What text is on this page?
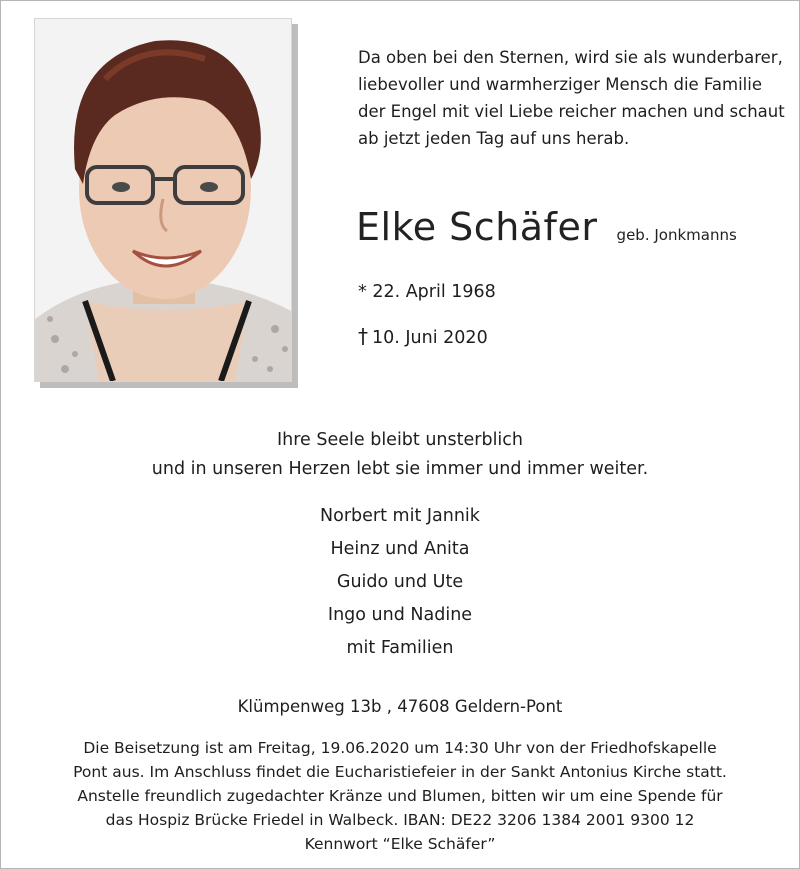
Da oben bei den Sternen, wird sie als wunderbarer,
liebevoller und warmherziger Mensch die Familie
der Engel mit viel Liebe reicher machen und schaut
ab jetzt jeden Tag auf uns herab.
Elke Schäfer geb. Jonkmanns
* 22. April 1968
† 10. Juni 2020
Ihre Seele bleibt unsterblich
und in unseren Herzen lebt sie immer und immer weiter.
Norbert mit Jannik
Heinz und Anita
Guido und Ute
Ingo und Nadine
mit Familien
Klümpenweg 13b , 47608 Geldern-Pont
Die Beisetzung ist am Freitag, 19.06.2020 um 14:30 Uhr von der Friedhofskapelle
Pont aus. Im Anschluss findet die Eucharistiefeier in der Sankt Antonius Kirche statt.
Anstelle freundlich zugedachter Kränze und Blumen, bitten wir um eine Spende für
das Hospiz Brücke Friedel in Walbeck. IBAN: DE22 3206 1384 2001 9300 12
Kennwort “Elke Schäfer”
